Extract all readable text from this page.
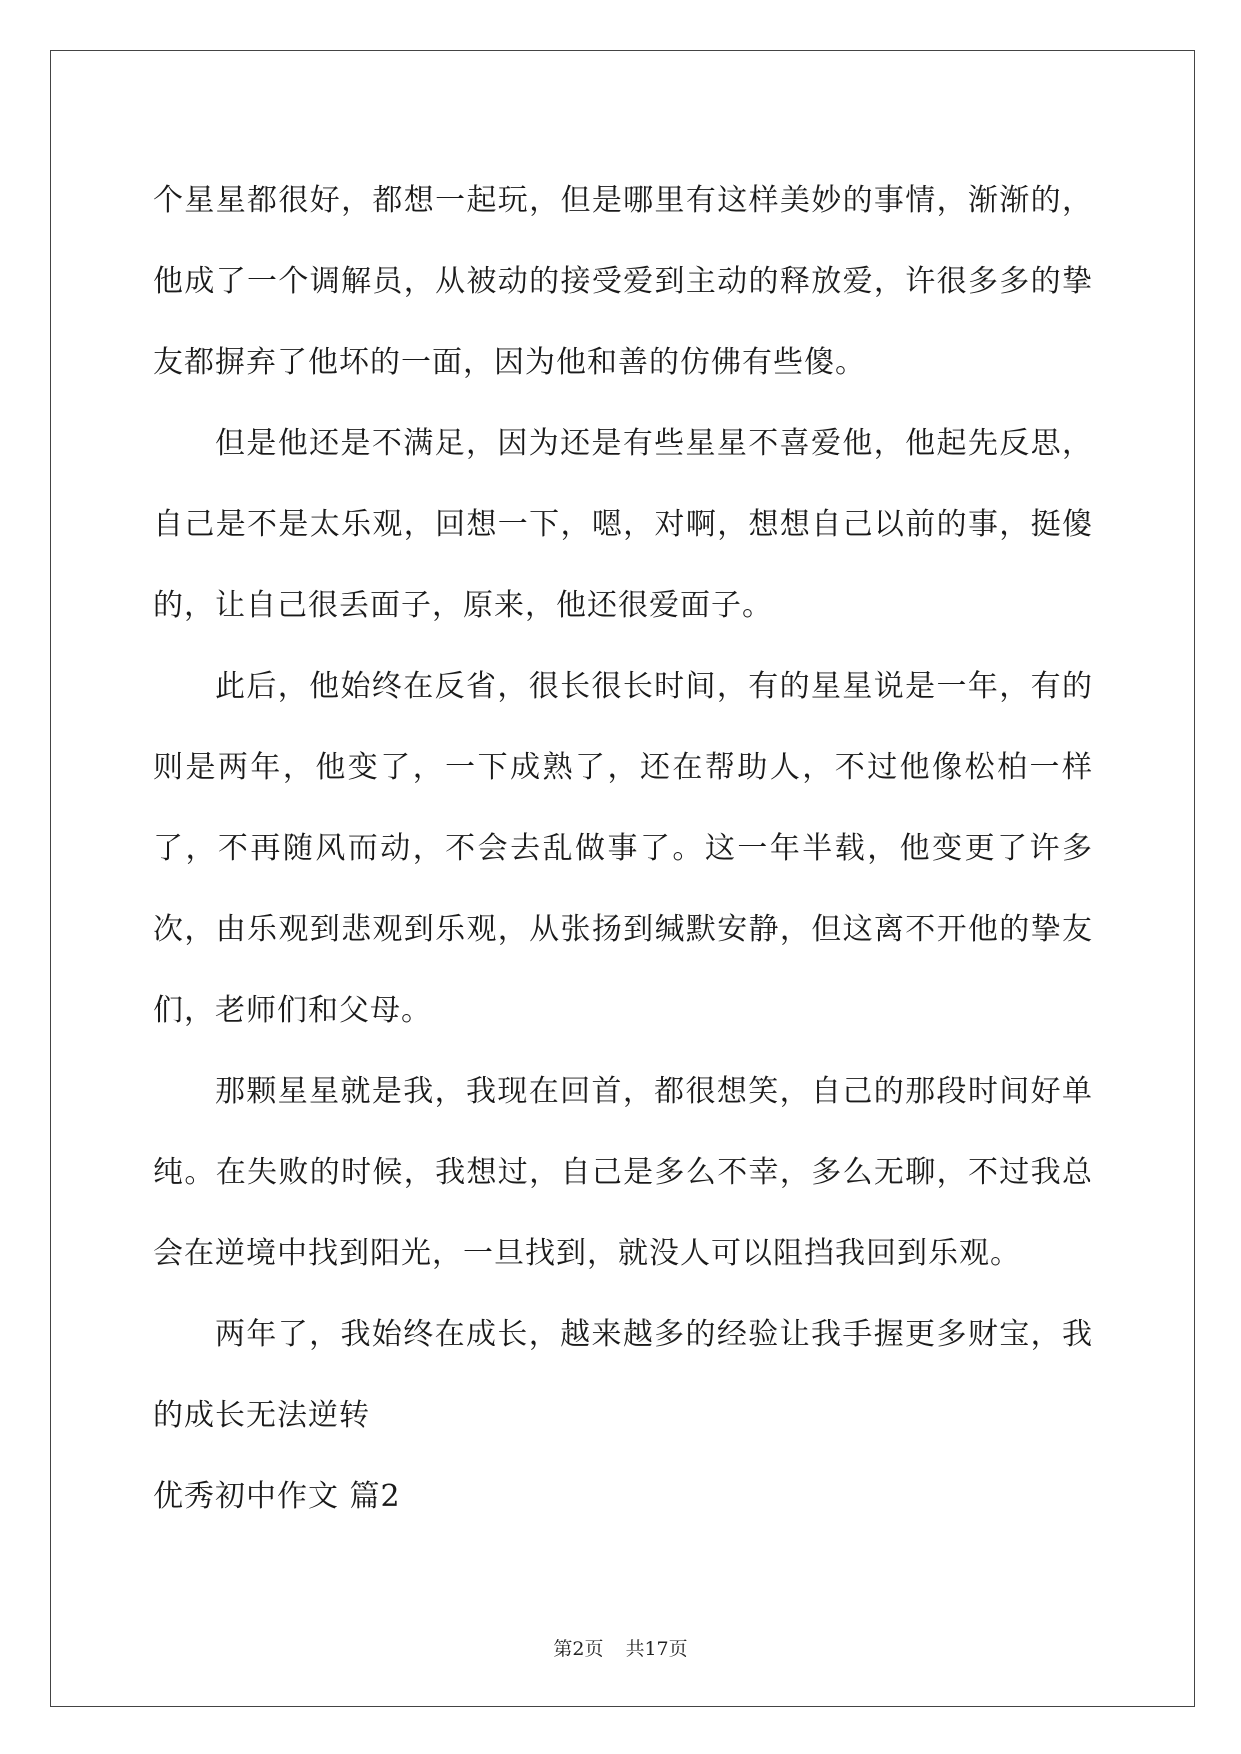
个星星都很好，都想一起玩，但是哪里有这样美妙的事情，渐渐的，他成了一个调解员，从被动的接受爱到主动的释放爱，许很多多的挚友都摒弃了他坏的一面，因为他和善的仿佛有些傻。

但是他还是不满足，因为还是有些星星不喜爱他，他起先反思，自己是不是太乐观，回想一下，嗯，对啊，想想自己以前的事，挺傻的，让自己很丢面子，原来，他还很爱面子。

此后，他始终在反省，很长很长时间，有的星星说是一年，有的则是两年，他变了，一下成熟了，还在帮助人，不过他像松柏一样了，不再随风而动，不会去乱做事了。这一年半载，他变更了许多次，由乐观到悲观到乐观，从张扬到缄默安静，但这离不开他的挚友们，老师们和父母。

那颗星星就是我，我现在回首，都很想笑，自己的那段时间好单纯。在失败的时候，我想过，自己是多么不幸，多么无聊，不过我总会在逆境中找到阳光，一旦找到，就没人可以阻挡我回到乐观。

两年了，我始终在成长，越来越多的经验让我手握更多财宝，我的成长无法逆转

优秀初中作文 篇2
第2页 共17页
